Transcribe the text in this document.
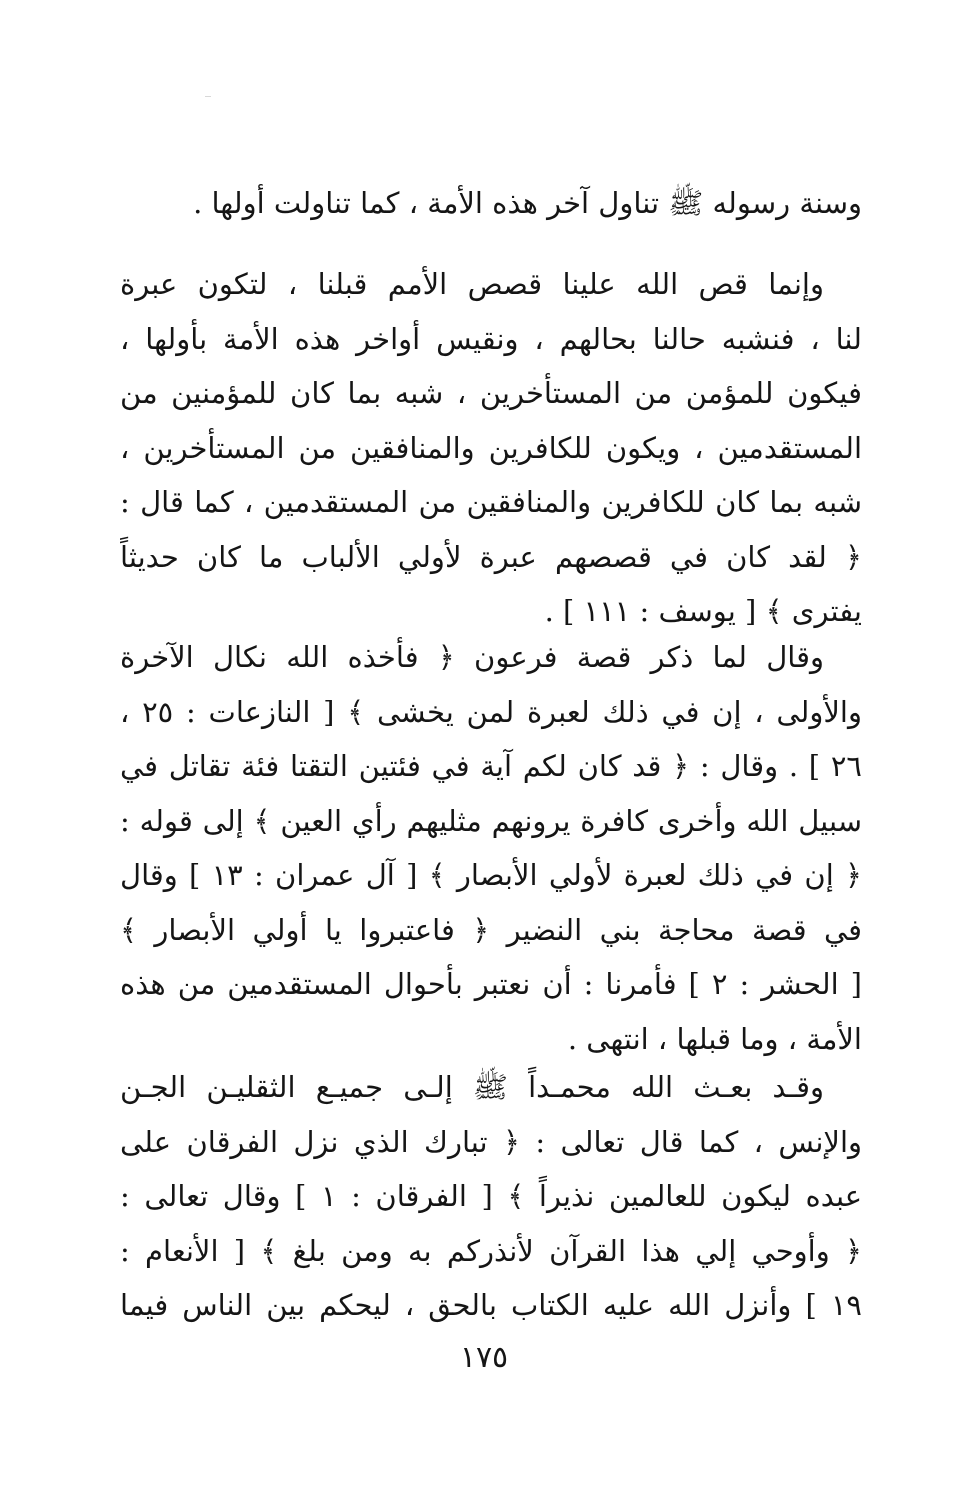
وسنة رسوله ﷺ تناول آخر هذه الأمة ، كما تناولت أولها .
وإنما قص الله علينا قصص الأمم قبلنا ، لتكون عبرة
لنا ، فنشبه حالنا بحالهم ، ونقيس أواخر هذه الأمة بأولها ،
فيكون للمؤمن من المستأخرين ، شبه بما كان للمؤمنين من
المستقدمين ، ويكون للكافرين والمنافقين من المستأخرين ،
شبه بما كان للكافرين والمنافقين من المستقدمين ، كما قال :
﴿ لقد كان في قصصهم عبرة لأولي الألباب ما كان حديثاً
يفترى ﴾ [ يوسف : ١١١ ] .
وقال لما ذكر قصة فرعون ﴿ فأخذه الله نكال الآخرة
والأولى ، إن في ذلك لعبرة لمن يخشى ﴾ [ النازعات : ٢٥ ،
٢٦ ] . وقال : ﴿ قد كان لكم آية في فئتين التقتا فئة تقاتل في
سبيل الله وأخرى كافرة يرونهم مثليهم رأي العين ﴾ إلى قوله :
﴿ إن في ذلك لعبرة لأولي الأبصار ﴾ [ آل عمران : ١٣ ] وقال
في قصة محاجة بني النضير ﴿ فاعتبروا يا أولي الأبصار ﴾
[ الحشر : ٢ ] فأمرنا : أن نعتبر بأحوال المستقدمين من هذه
الأمة ، وما قبلها ، انتهى .
وقـد بعـث الله محمـداً ﷺ إلـى جميـع الثقليـن الجـن
والإنس ، كما قال تعالى : ﴿ تبارك الذي نزل الفرقان على
عبده ليكون للعالمين نذيراً ﴾ [ الفرقان : ١ ] وقال تعالى :
﴿ وأوحي إلي هذا القرآن لأنذركم به ومن بلغ ﴾ [ الأنعام :
١٩ ] وأنزل الله عليه الكتاب بالحق ، ليحكم بين الناس فيما
١٧٥
